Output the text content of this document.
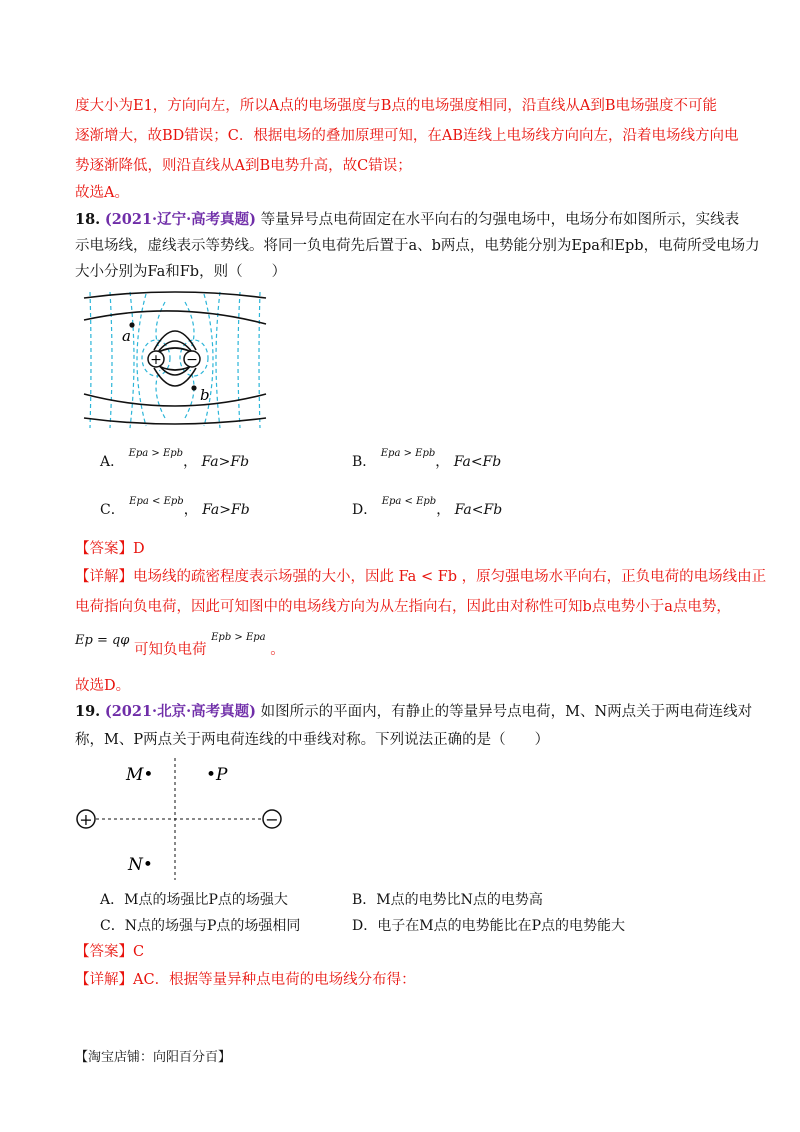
度大小为E1，方向向左，所以A点的电场强度与B点的电场强度相同，沿直线从A到B电场强度不可能
逐渐增大，故BD错误；C．根据电场的叠加原理可知，在AB连线上电场线方向向左，沿着电场线方向电
势逐渐降低，则沿直线从A到B电势升高，故C错误；
故选A。
18. (2021·辽宁·高考真题) 等量异号点电荷固定在水平向右的匀强电场中，电场分布如图所示，实线表
示电场线，虚线表示等势线。将同一负电荷先后置于a、b两点，电势能分别为Epa和Epb，电荷所受电场力
大小分别为Fa和Fb，则（　　）
+ −
a
b
A． $^{Epa > Epb}$， Fa>Fb	B． $^{Epa > Epb}$， Fa<Fb
C． $^{Epa < Epb}$， Fa>Fb	D． $^{Epa < Epb}$， Fa<Fb
【答案】D
【详解】电场线的疏密程度表示场强的大小，因此 Fa < Fb ，原匀强电场水平向右，正负电荷的电场线由正
电荷指向负电荷，因此可知图中的电场线方向为从左指向右，因此由对称性可知b点电势小于a点电势，
Ep = qφ 可知负电荷 $^{Epb > Epa}$ 。
故选D。
19. (2021·北京·高考真题) 如图所示的平面内，有静止的等量异号点电荷，M、N两点关于两电荷连线对
称，M、P两点关于两电荷连线的中垂线对称。下列说法正确的是（　　）
+	−
M•	•P
N•
A．M点的场强比P点的场强大	B．M点的电势比N点的电势高
C．N点的场强与P点的场强相同	D．电子在M点的电势能比在P点的电势能大
【答案】C
【详解】AC．根据等量异种点电荷的电场线分布得：
【淘宝店铺：向阳百分百】
